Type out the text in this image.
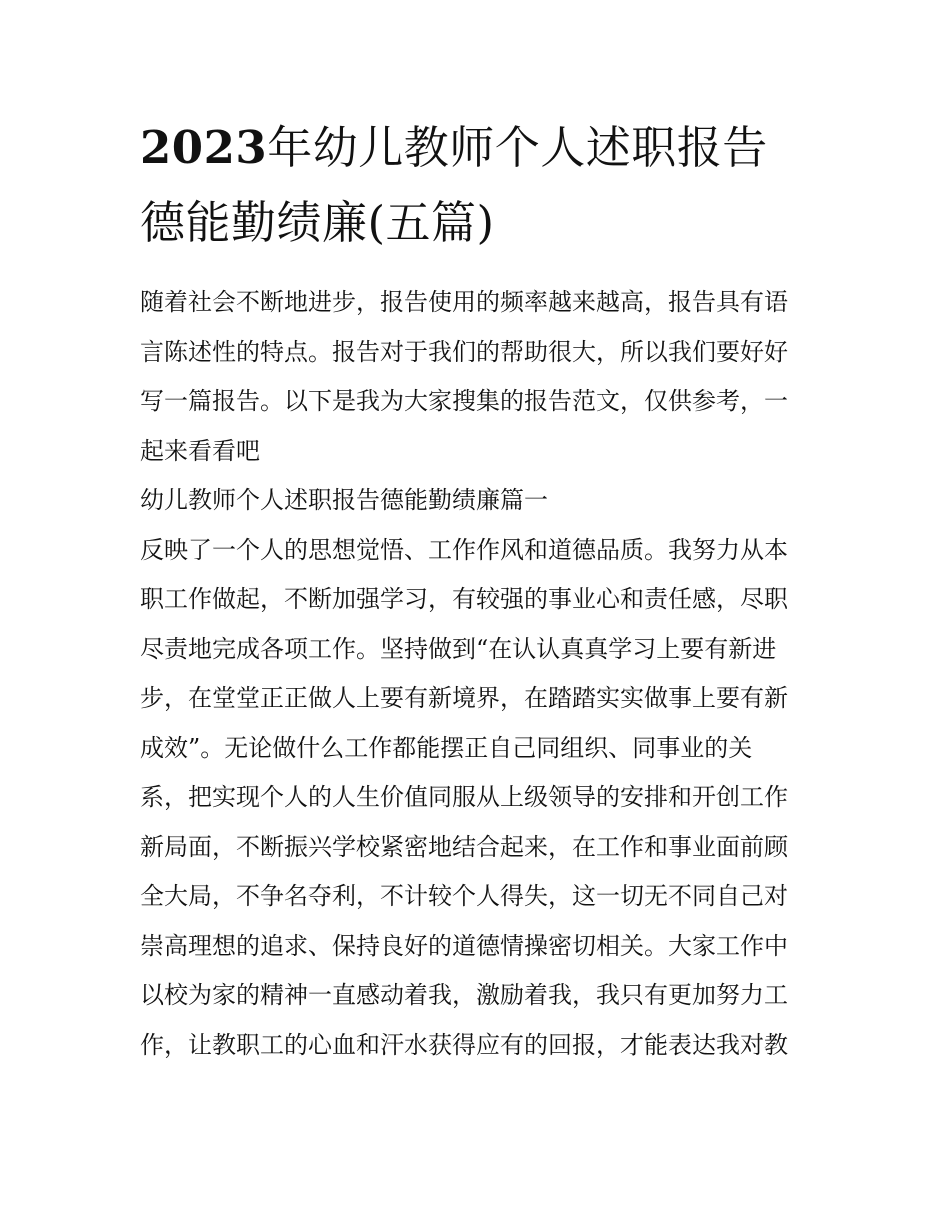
2023年幼儿教师个人述职报告
德能勤绩廉(五篇)
随着社会不断地进步，报告使用的频率越来越高，报告具有语
言陈述性的特点。报告对于我们的帮助很大，所以我们要好好
写一篇报告。以下是我为大家搜集的报告范文，仅供参考，一
起来看看吧
幼儿教师个人述职报告德能勤绩廉篇一
反映了一个人的思想觉悟、工作作风和道德品质。我努力从本
职工作做起，不断加强学习，有较强的事业心和责任感，尽职
尽责地完成各项工作。坚持做到“在认认真真学习上要有新进
步，在堂堂正正做人上要有新境界，在踏踏实实做事上要有新
成效”。无论做什么工作都能摆正自己同组织、同事业的关
系，把实现个人的人生价值同服从上级领导的安排和开创工作
新局面，不断振兴学校紧密地结合起来，在工作和事业面前顾
全大局，不争名夺利，不计较个人得失，这一切无不同自己对
崇高理想的追求、保持良好的道德情操密切相关。大家工作中
以校为家的精神一直感动着我，激励着我，我只有更加努力工
作，让教职工的心血和汗水获得应有的回报，才能表达我对教
